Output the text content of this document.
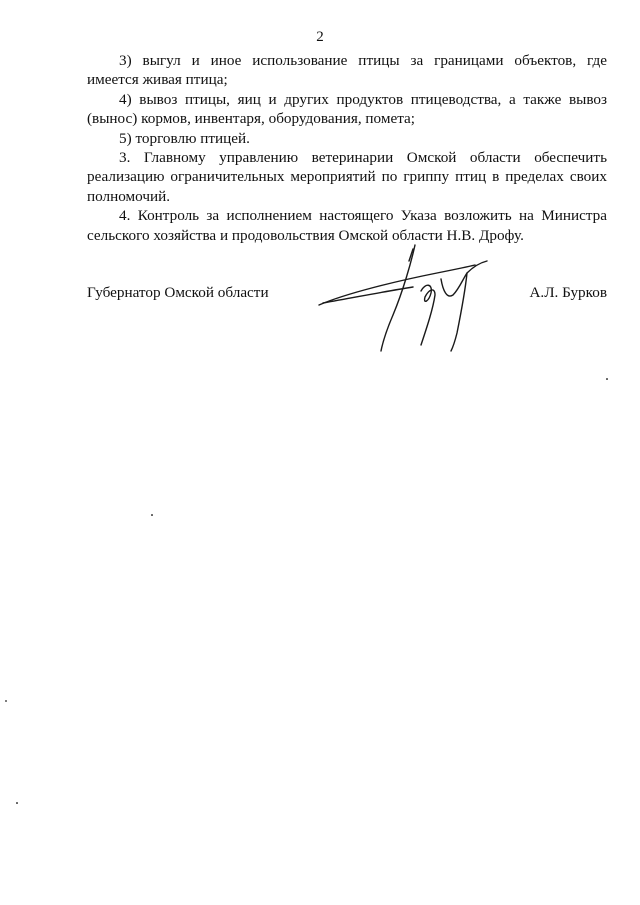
2

3) выгул и иное использование птицы за границами объектов, где
имеется живая птица;

4) вывоз птицы, яиц и других продуктов птицеводства, а также вывоз
(вынос) кормов, инвентаря, оборудования, помета;

5) торговлю птицей.

3. Главному управлению ветеринарии Омской области обеспечить
реализацию ограничительных мероприятий по гриппу птиц в пределах своих
полномочий.

4. Контроль за исполнением настоящего Указа возложить на Министра
сельского хозяйства и продовольствия Омской области Н.В. Дрофу.

Губернатор Омской области	А.Л. Бурков
